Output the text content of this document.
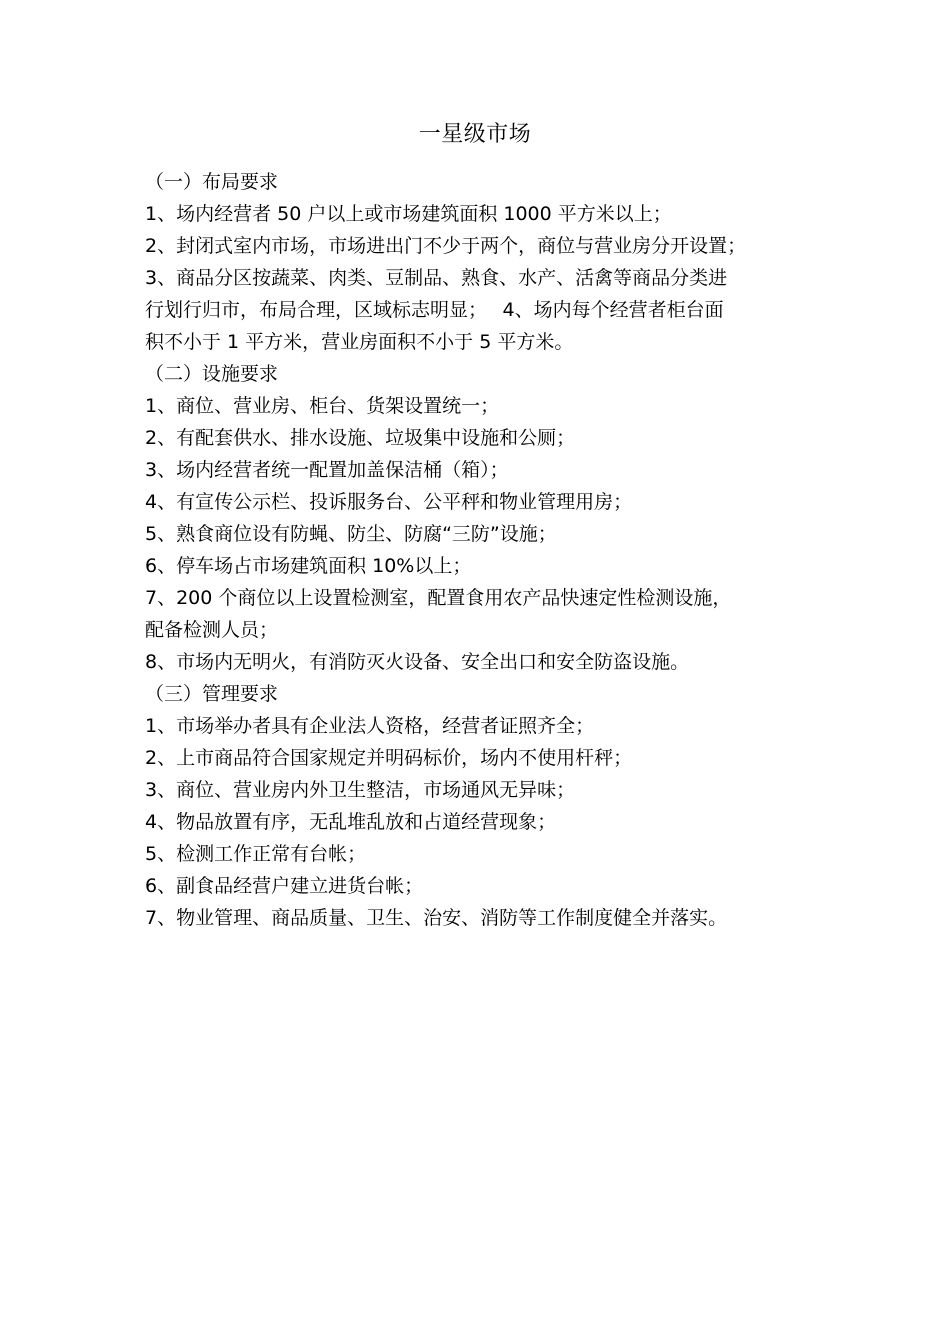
一星级市场
（一）布局要求
1、场内经营者 50 户以上或市场建筑面积 1000 平方米以上；
2、封闭式室内市场，市场进出门不少于两个，商位与营业房分开设置；
3、商品分区按蔬菜、肉类、豆制品、熟食、水产、活禽等商品分类进
行划行归市，布局合理，区域标志明显；　 4、场内每个经营者柜台面
积不小于 1 平方米，营业房面积不小于 5 平方米。
（二）设施要求
1、商位、营业房、柜台、货架设置统一；
2、有配套供水、排水设施、垃圾集中设施和公厕；
3、场内经营者统一配置加盖保洁桶（箱）；
4、有宣传公示栏、投诉服务台、公平秤和物业管理用房；
5、熟食商位设有防蝇、防尘、防腐“三防”设施；
6、停车场占市场建筑面积 10%以上；
7、200 个商位以上设置检测室，配置食用农产品快速定性检测设施，
配备检测人员；
8、市场内无明火，有消防灭火设备、安全出口和安全防盗设施。
（三）管理要求
1、市场举办者具有企业法人资格，经营者证照齐全；
2、上市商品符合国家规定并明码标价，场内不使用杆秤；
3、商位、营业房内外卫生整洁，市场通风无异味；
4、物品放置有序，无乱堆乱放和占道经营现象；
5、检测工作正常有台帐；
6、副食品经营户建立进货台帐；
7、物业管理、商品质量、卫生、治安、消防等工作制度健全并落实。
